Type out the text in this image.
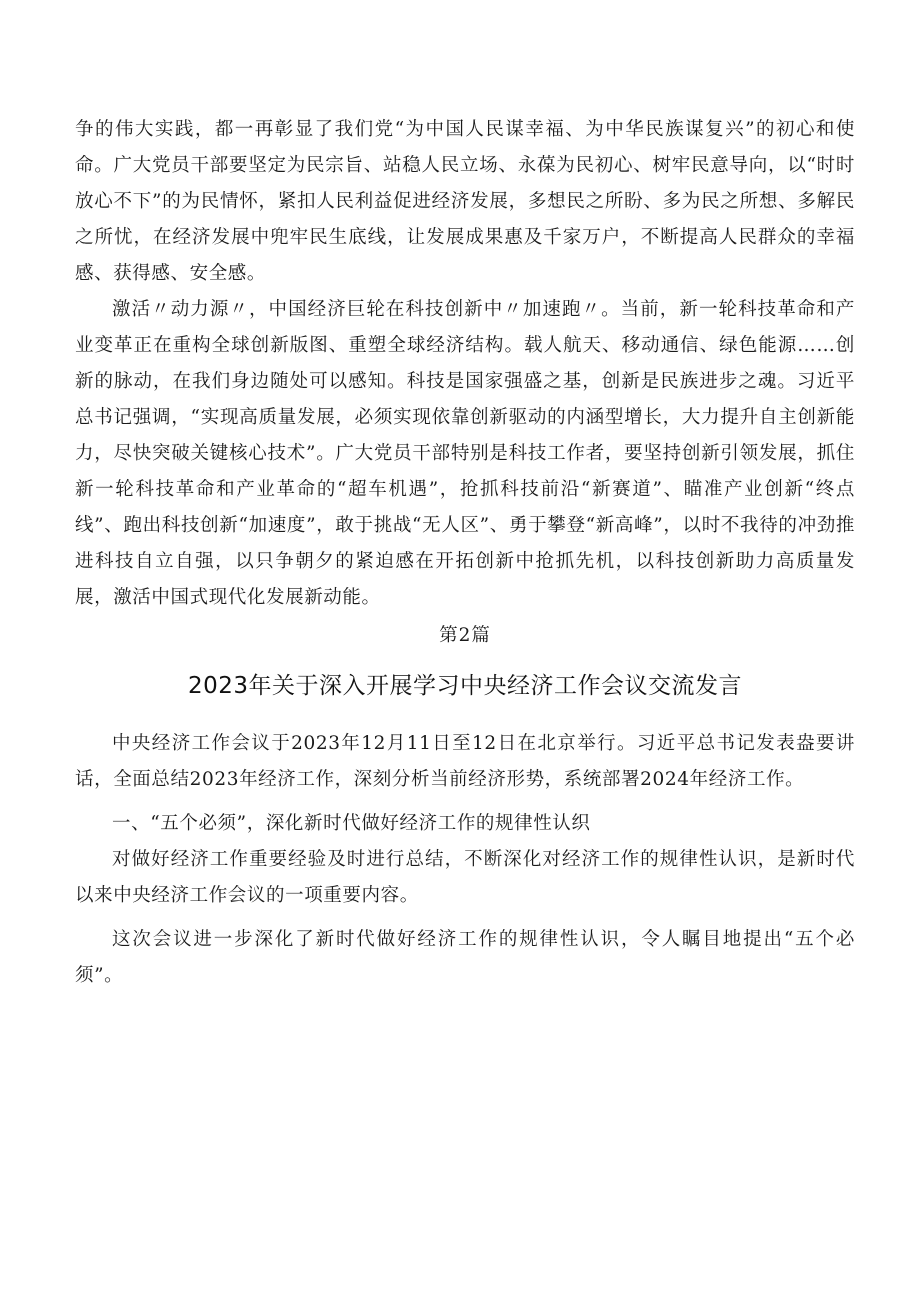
争的伟大实践，都一再彰显了我们党“为中国人民谋幸福、为中华民族谋复兴”的初心和使命。广大党员干部要坚定为民宗旨、站稳人民立场、永葆为民初心、树牢民意导向，以“时时放心不下”的为民情怀，紧扣人民利益促进经济发展，多想民之所盼、多为民之所想、多解民之所忧，在经济发展中兜牢民生底线，让发展成果惠及千家万户，不断提高人民群众的幸福感、获得感、安全感。

激活〃动力源〃，中国经济巨轮在科技创新中〃加速跑〃。当前，新一轮科技革命和产业变革正在重构全球创新版图、重塑全球经济结构。载人航天、移动通信、绿色能源……创新的脉动，在我们身边随处可以感知。科技是国家强盛之基，创新是民族进步之魂。习近平总书记强调，“实现高质量发展，必须实现依靠创新驱动的内涵型增长，大力提升自主创新能力，尽快突破关键核心技术”。广大党员干部特别是科技工作者，要坚持创新引领发展，抓住新一轮科技革命和产业革命的“超车机遇”，抢抓科技前沿“新赛道”、瞄准产业创新“终点线”、跑出科技创新“加速度”，敢于挑战“无人区”、勇于攀登“新高峰”，以时不我待的冲劲推进科技自立自强，以只争朝夕的紧迫感在开拓创新中抢抓先机，以科技创新助力高质量发展，激活中国式现代化发展新动能。

第2篇
2023年关于深入开展学习中央经济工作会议交流发言

中央经济工作会议于2023年12月11日至12日在北京举行。习近平总书记发表盎要讲话，全面总结2023年经济工作，深刻分析当前经济形势，系统部署2024年经济工作。

一、“五个必须”，深化新时代做好经济工作的规律性认织

对做好经济工作重要经验及时进行总结，不断深化对经济工作的规律性认识，是新时代以来中央经济工作会议的一项重要内容。

这次会议进一步深化了新时代做好经济工作的规律性认识，令人瞩目地提出“五个必须”。
